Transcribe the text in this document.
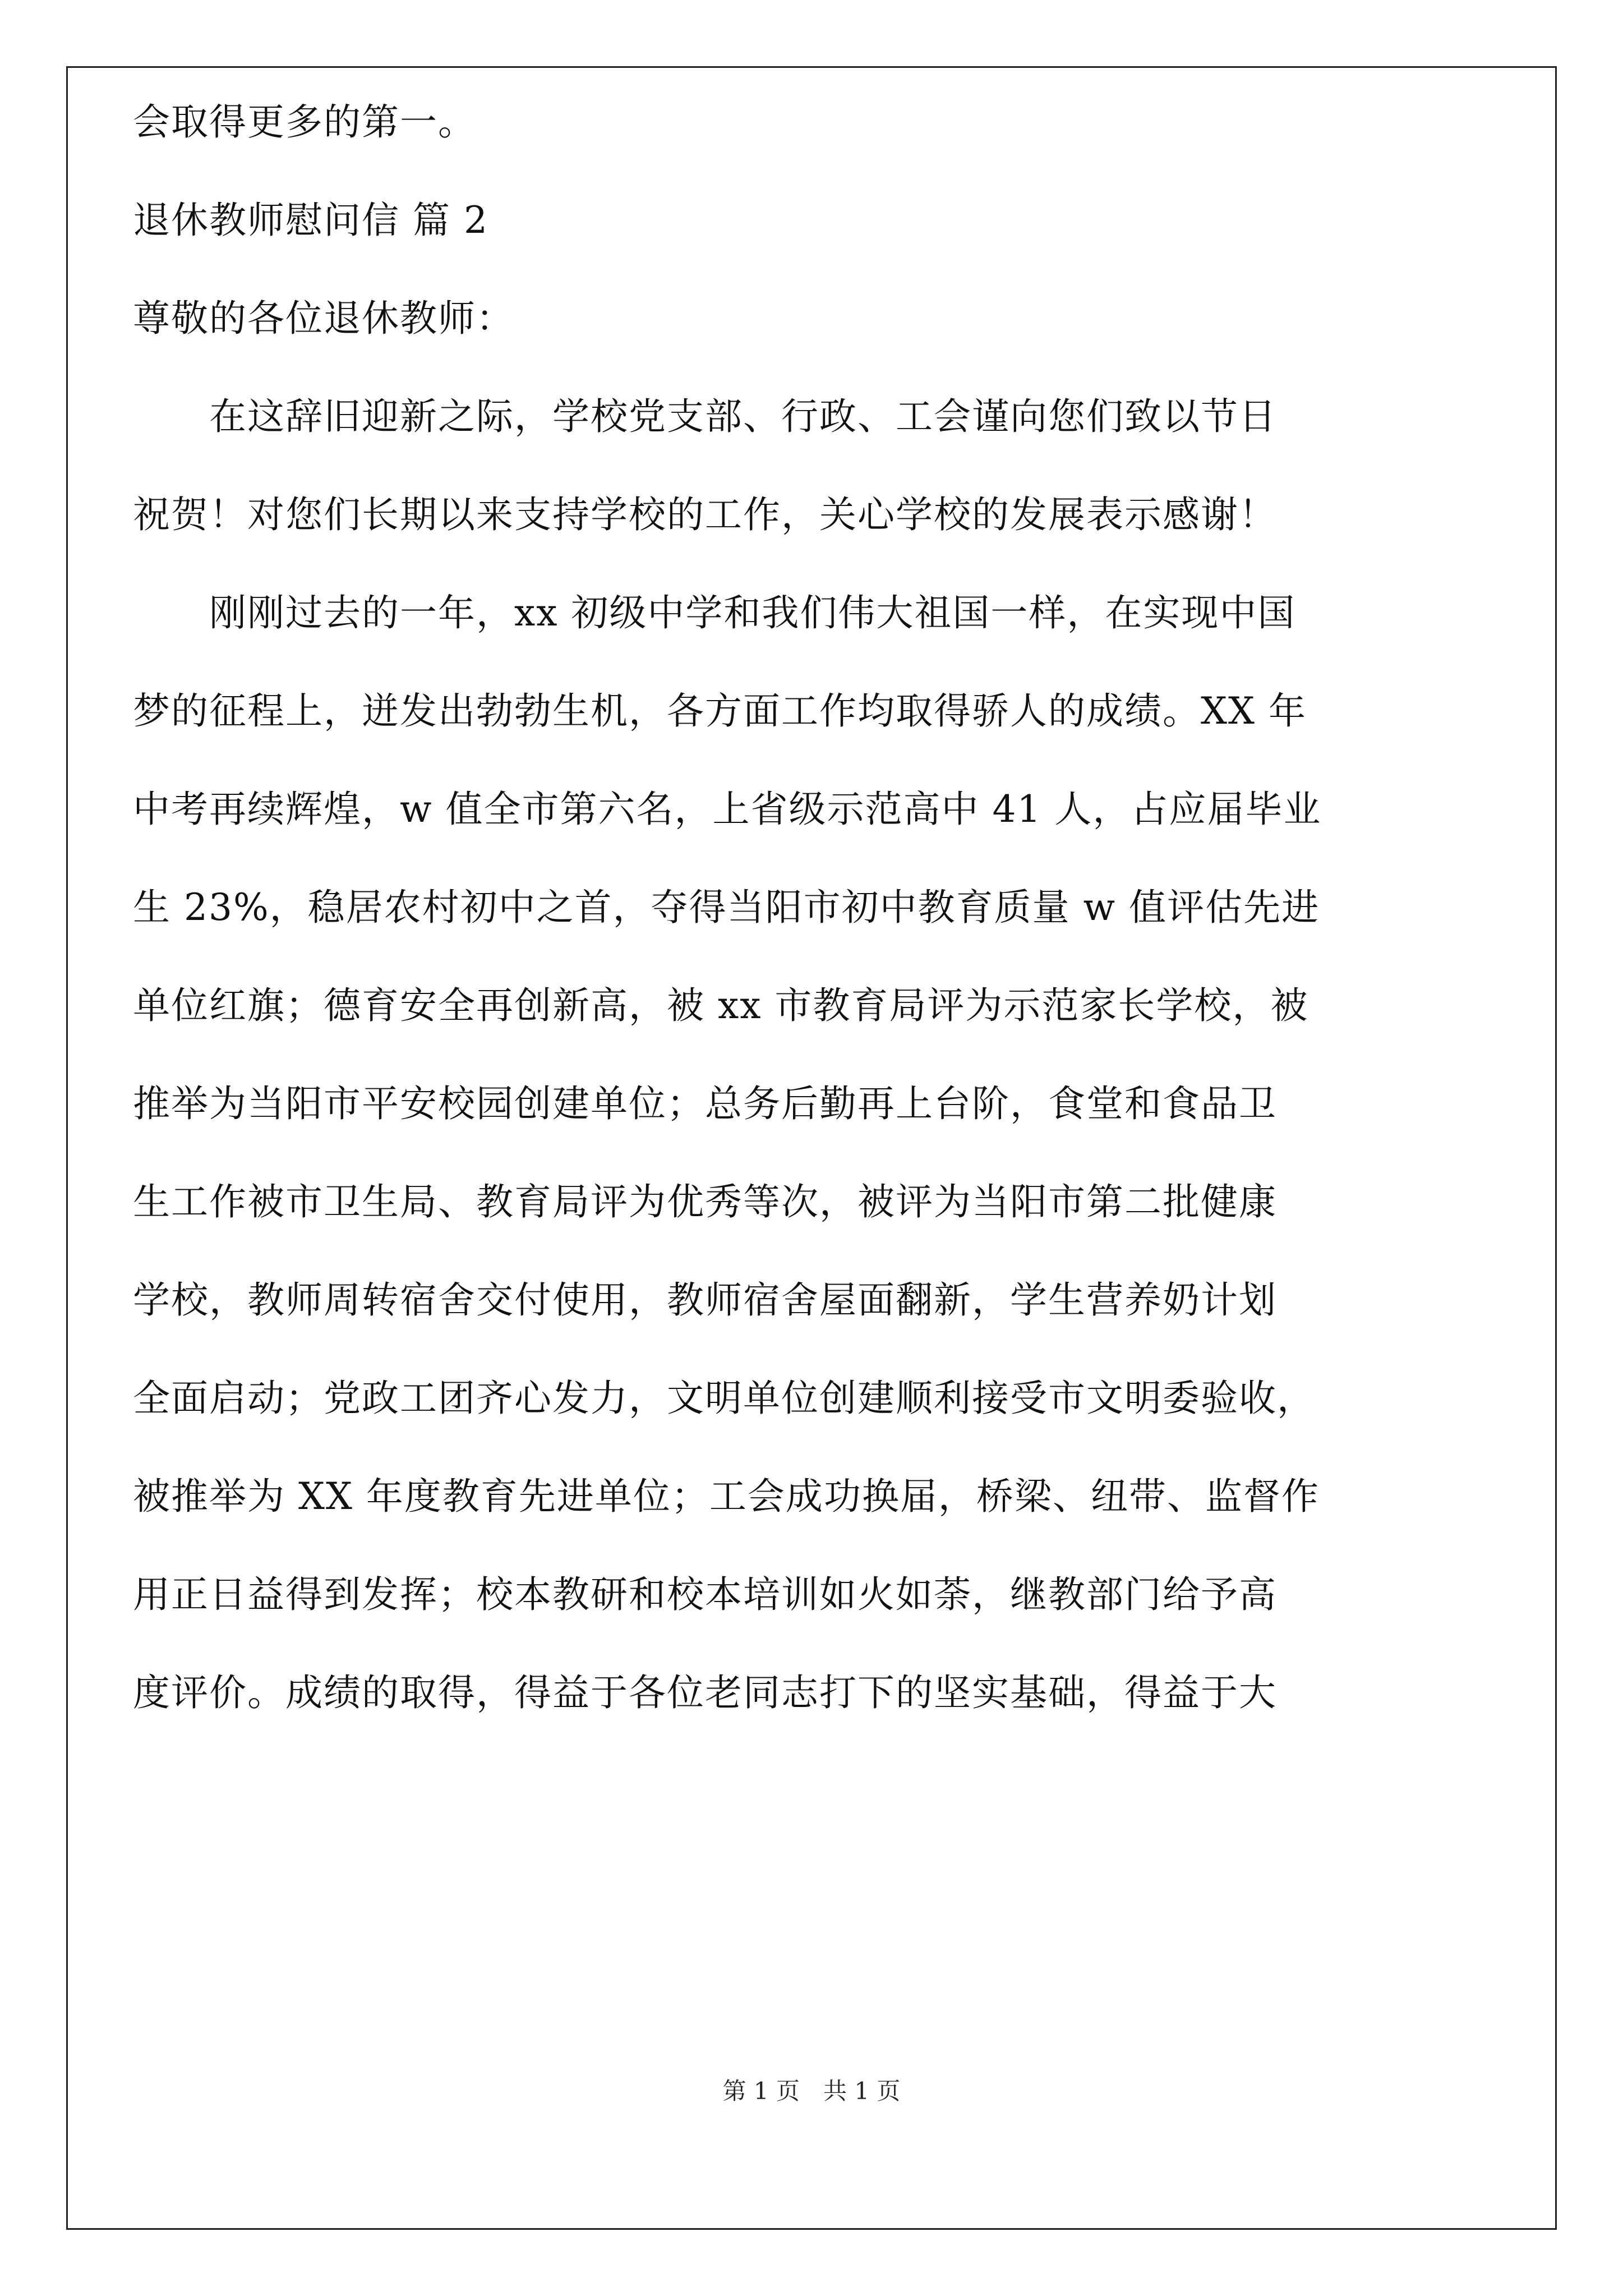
会取得更多的第一。
退休教师慰问信 篇 2
尊敬的各位退休教师：
　　在这辞旧迎新之际，学校党支部、行政、工会谨向您们致以节日
祝贺！对您们长期以来支持学校的工作，关心学校的发展表示感谢！
　　刚刚过去的一年，xx 初级中学和我们伟大祖国一样，在实现中国
梦的征程上，迸发出勃勃生机，各方面工作均取得骄人的成绩。XX 年
中考再续辉煌，w 值全市第六名，上省级示范高中 41 人，占应届毕业
生 23%，稳居农村初中之首，夺得当阳市初中教育质量 w 值评估先进
单位红旗；德育安全再创新高，被 xx 市教育局评为示范家长学校，被
推举为当阳市平安校园创建单位；总务后勤再上台阶，食堂和食品卫
生工作被市卫生局、教育局评为优秀等次，被评为当阳市第二批健康
学校，教师周转宿舍交付使用，教师宿舍屋面翻新，学生营养奶计划
全面启动；党政工团齐心发力，文明单位创建顺利接受市文明委验收，
被推举为 XX 年度教育先进单位；工会成功换届，桥梁、纽带、监督作
用正日益得到发挥；校本教研和校本培训如火如荼，继教部门给予高
度评价。成绩的取得，得益于各位老同志打下的坚实基础，得益于大
第 1 页　共 1 页
